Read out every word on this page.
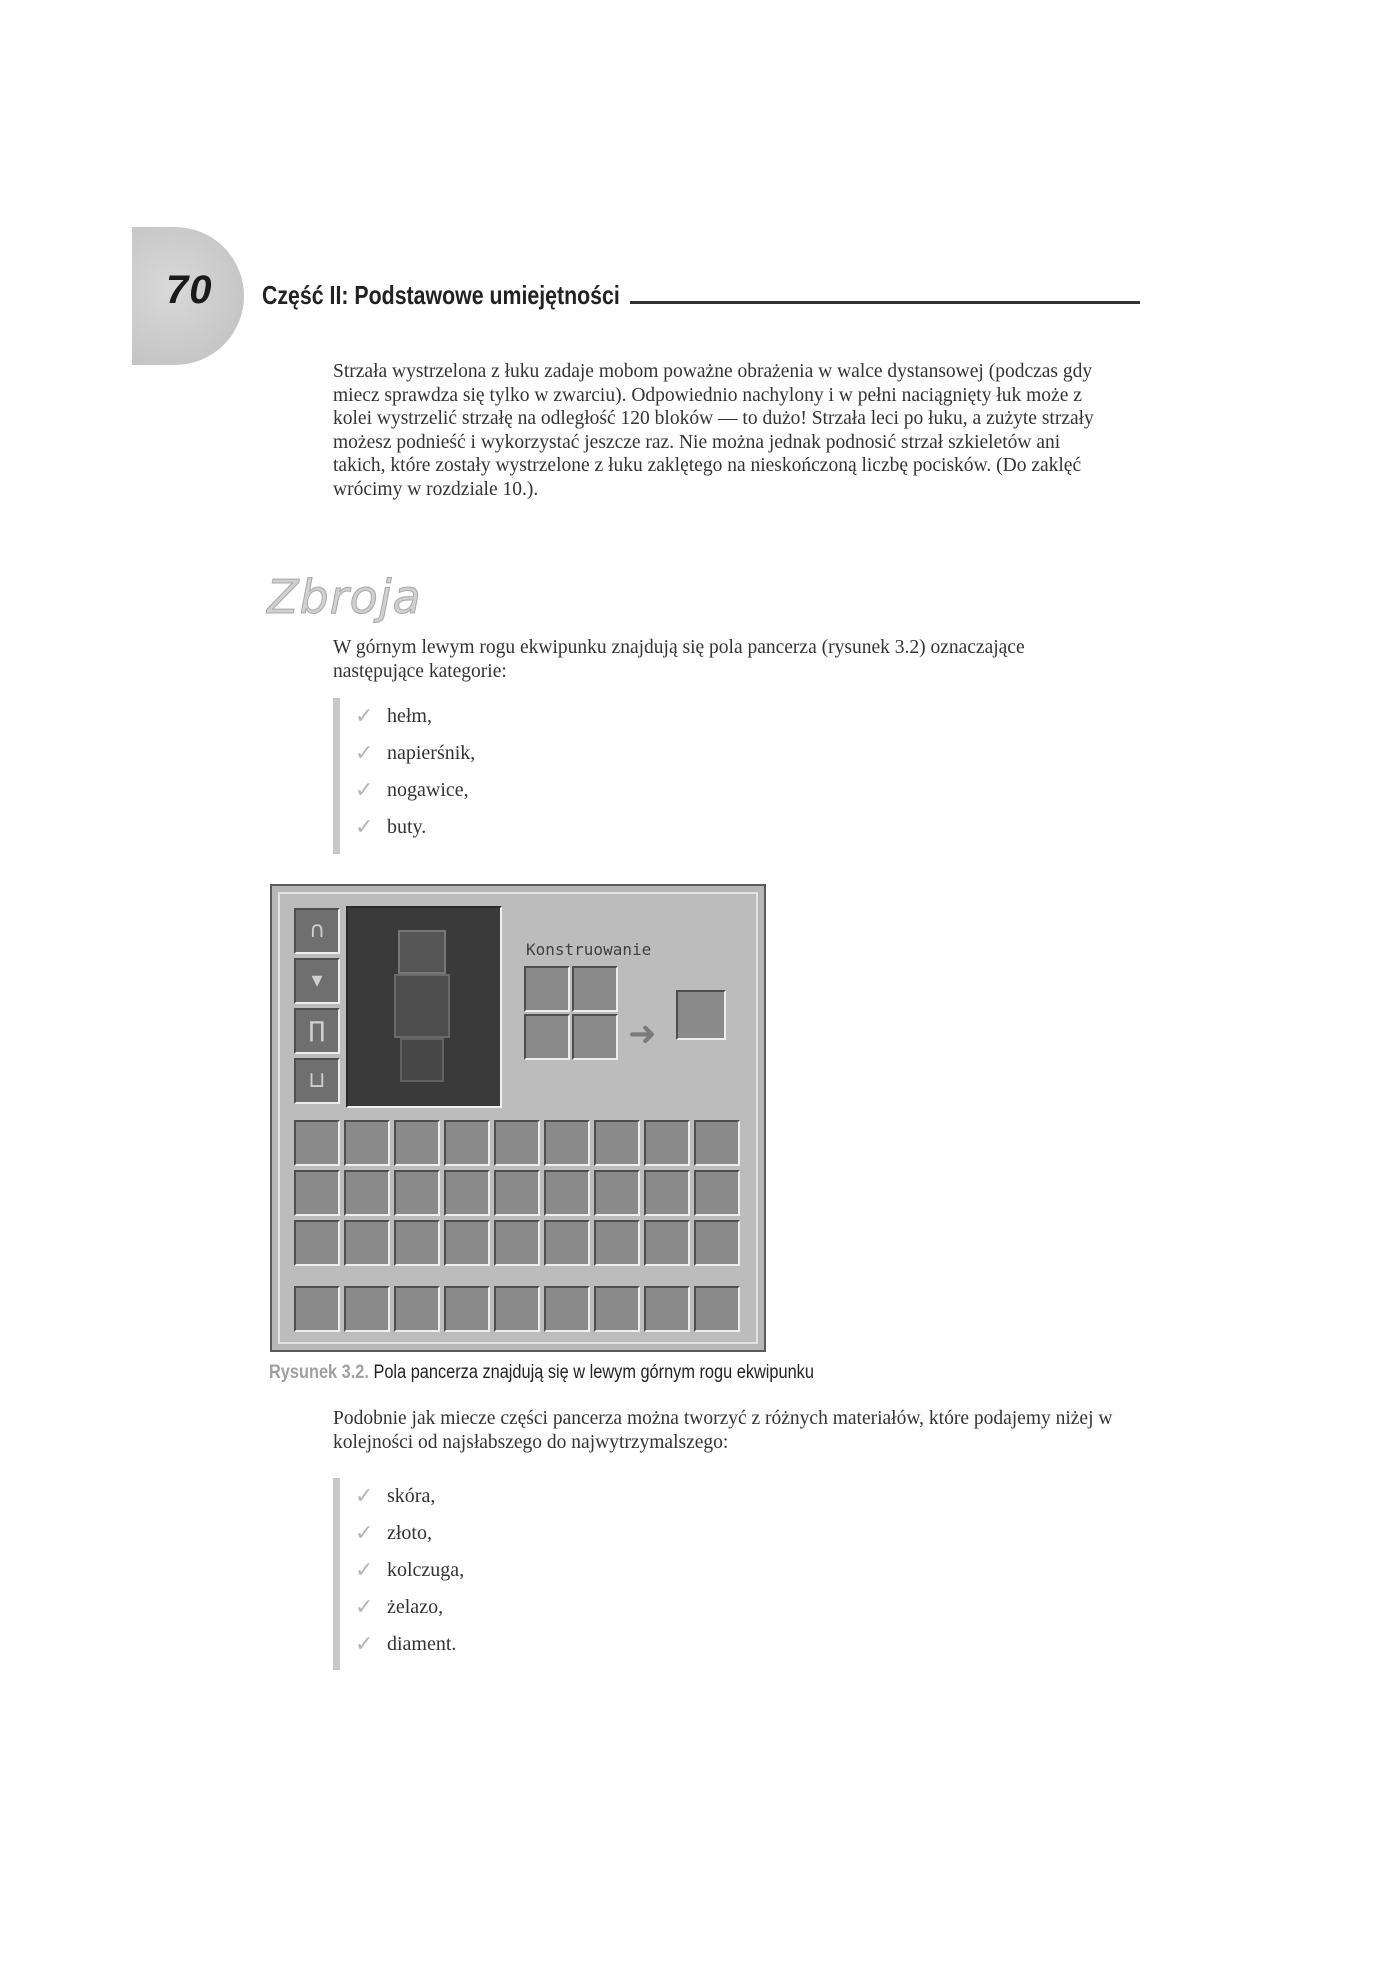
70 Część II: Podstawowe umiejętności

Strzała wystrzelona z łuku zadaje mobom poważne obrażenia w walce dystansowej (podczas gdy miecz sprawdza się tylko w zwarciu). Odpowiednio nachylony i w pełni naciągnięty łuk może z kolei wystrzelić strzałę na odległość 120 bloków — to dużo! Strzała leci po łuku, a zużyte strzały możesz podnieść i wykorzystać jeszcze raz. Nie można jednak podnosić strzał szkieletów ani takich, które zostały wystrzelone z łuku zaklętego na nieskończoną liczbę pocisków. (Do zaklęć wrócimy w rozdziale 10.).

Zbroja

W górnym lewym rogu ekwipunku znajdują się pola pancerza (rysunek 3.2) oznaczające następujące kategorie:

✓ hełm,
✓ napierśnik,
✓ nogawice,
✓ buty.
∩
▾
∏
⊔
Konstruowanie
➜
Rysunek 3.2. Pola pancerza znajdują się w lewym górnym rogu ekwipunku

Podobnie jak miecze części pancerza można tworzyć z różnych materiałów, które podajemy niżej w kolejności od najsłabszego do najwytrzymalszego:

✓ skóra,
✓ złoto,
✓ kolczuga,
✓ żelazo,
✓ diament.
